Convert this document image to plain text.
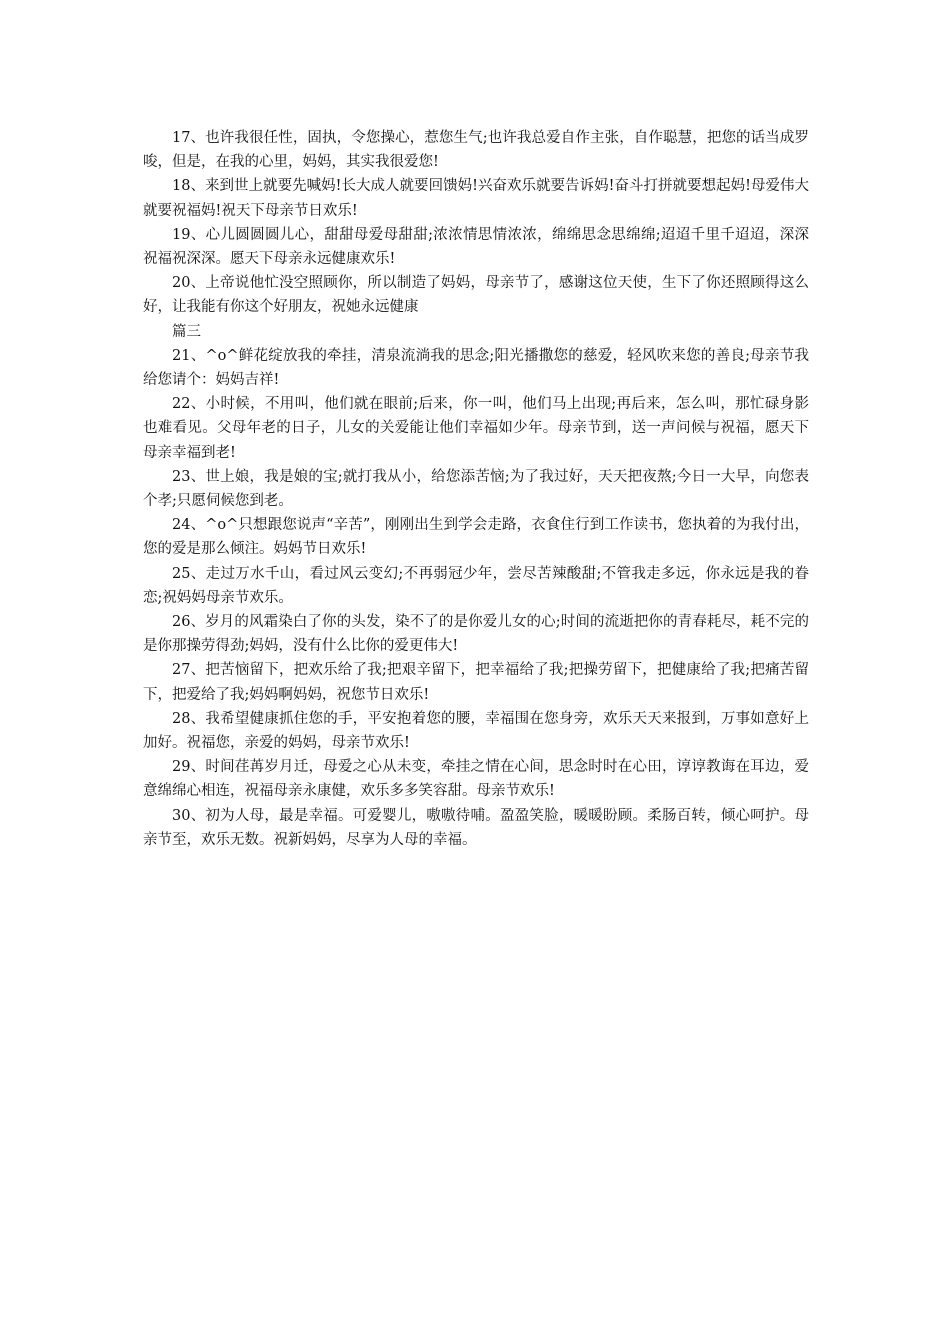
17、也许我很任性，固执，令您操心，惹您生气;也许我总爱自作主张，自作聪慧，把您的话当成罗唆，但是，在我的心里，妈妈，其实我很爱您!

18、来到世上就要先喊妈!长大成人就要回馈妈!兴奋欢乐就要告诉妈!奋斗打拼就要想起妈!母爱伟大就要祝福妈!祝天下母亲节日欢乐!

19、心儿圆圆圆儿心，甜甜母爱母甜甜;浓浓情思情浓浓，绵绵思念思绵绵;迢迢千里千迢迢，深深祝福祝深深。愿天下母亲永远健康欢乐!

20、上帝说他忙没空照顾你，所以制造了妈妈，母亲节了，感谢这位天使，生下了你还照顾得这么好，让我能有你这个好朋友，祝她永远健康

篇三

21、^o^鲜花绽放我的牵挂，清泉流淌我的思念;阳光播撒您的慈爱，轻风吹来您的善良;母亲节我给您请个：妈妈吉祥!

22、小时候，不用叫，他们就在眼前;后来，你一叫，他们马上出现;再后来，怎么叫，那忙碌身影也难看见。父母年老的日子，儿女的关爱能让他们幸福如少年。母亲节到，送一声问候与祝福，愿天下母亲幸福到老!

23、世上娘，我是娘的宝;就打我从小，给您添苦恼;为了我过好，天天把夜熬;今日一大早，向您表个孝;只愿伺候您到老。

24、^o^只想跟您说声“辛苦”，刚刚出生到学会走路，衣食住行到工作读书，您执着的为我付出，您的爱是那么倾注。妈妈节日欢乐!

25、走过万水千山，看过风云变幻;不再弱冠少年，尝尽苦辣酸甜;不管我走多远，你永远是我的眷恋;祝妈妈母亲节欢乐。

26、岁月的风霜染白了你的头发，染不了的是你爱儿女的心;时间的流逝把你的青春耗尽，耗不完的是你那操劳得劲;妈妈，没有什么比你的爱更伟大!

27、把苦恼留下，把欢乐给了我;把艰辛留下，把幸福给了我;把操劳留下，把健康给了我;把痛苦留下，把爱给了我;妈妈啊妈妈，祝您节日欢乐!

28、我希望健康抓住您的手，平安抱着您的腰，幸福围在您身旁，欢乐天天来报到，万事如意好上加好。祝福您，亲爱的妈妈，母亲节欢乐!

29、时间荏苒岁月迁，母爱之心从未变，牵挂之情在心间，思念时时在心田，谆谆教诲在耳边，爱意绵绵心相连，祝福母亲永康健，欢乐多多笑容甜。母亲节欢乐!

30、初为人母，最是幸福。可爱婴儿，嗷嗷待哺。盈盈笑脸，暖暖盼顾。柔肠百转，倾心呵护。母亲节至，欢乐无数。祝新妈妈，尽享为人母的幸福。
